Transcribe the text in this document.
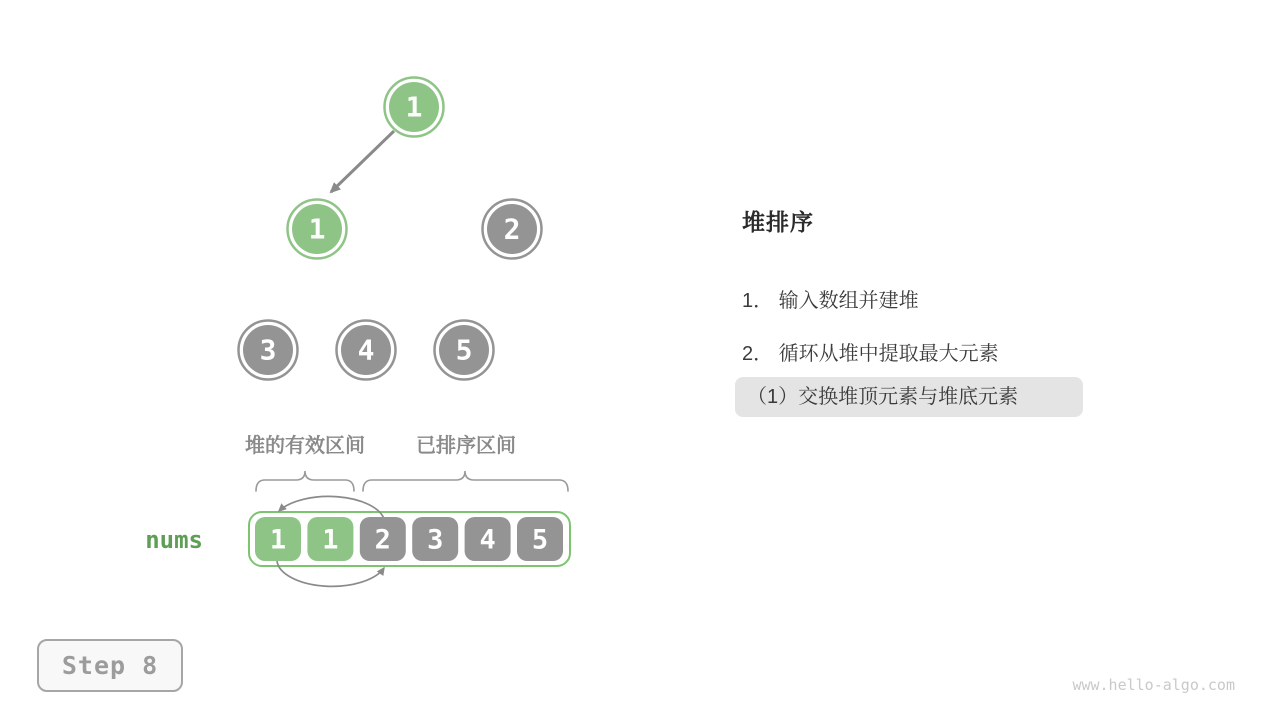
1
1	2
3	4	5
堆的有效区间	已排序区间
nums 1 1 2 3 4 5
堆排序
1． 输入数组并建堆
2． 循环从堆中提取最大元素
（1）交换堆顶元素与堆底元素
Step 8
www.hello-algo.com
